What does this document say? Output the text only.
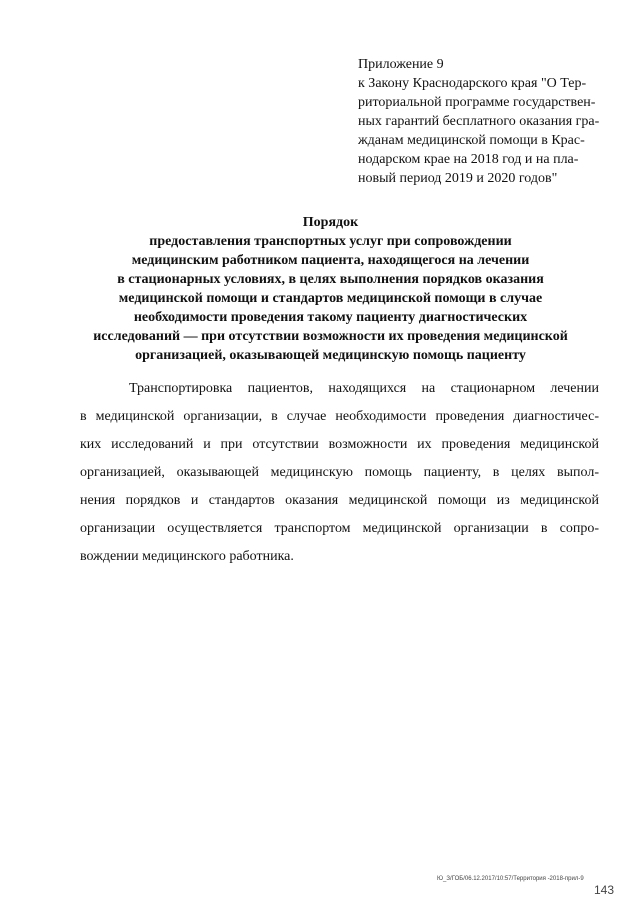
Приложение 9
к Закону Краснодарского края "О Тер-
риториальной программе государствен-
ных гарантий бесплатного оказания гра-
жданам медицинской помощи в Крас-
нодарском крае на 2018 год и на пла-
новый период 2019 и 2020 годов"
Порядок
предоставления транспортных услуг при сопровождении
медицинским работником пациента, находящегося на лечении
в стационарных условиях, в целях выполнения порядков оказания
медицинской помощи и стандартов медицинской помощи в случае
необходимости проведения такому пациенту диагностических
исследований — при отсутствии возможности их проведения медицинской
организацией, оказывающей медицинскую помощь пациенту
Транспортировка пациентов, находящихся на стационарном лечении
в медицинской организации, в случае необходимости проведения диагностичес-
ких исследований и при отсутствии возможности их проведения медицинской
организацией, оказывающей медицинскую помощь пациенту, в целях выпол-
нения порядков и стандартов оказания медицинской помощи из медицинской
организации осуществляется транспортом медицинской организации в сопро-
вождении медицинского работника.
Ю_З/ГОБ/06.12.2017/10:57/Территория -2018-прил-9
143
